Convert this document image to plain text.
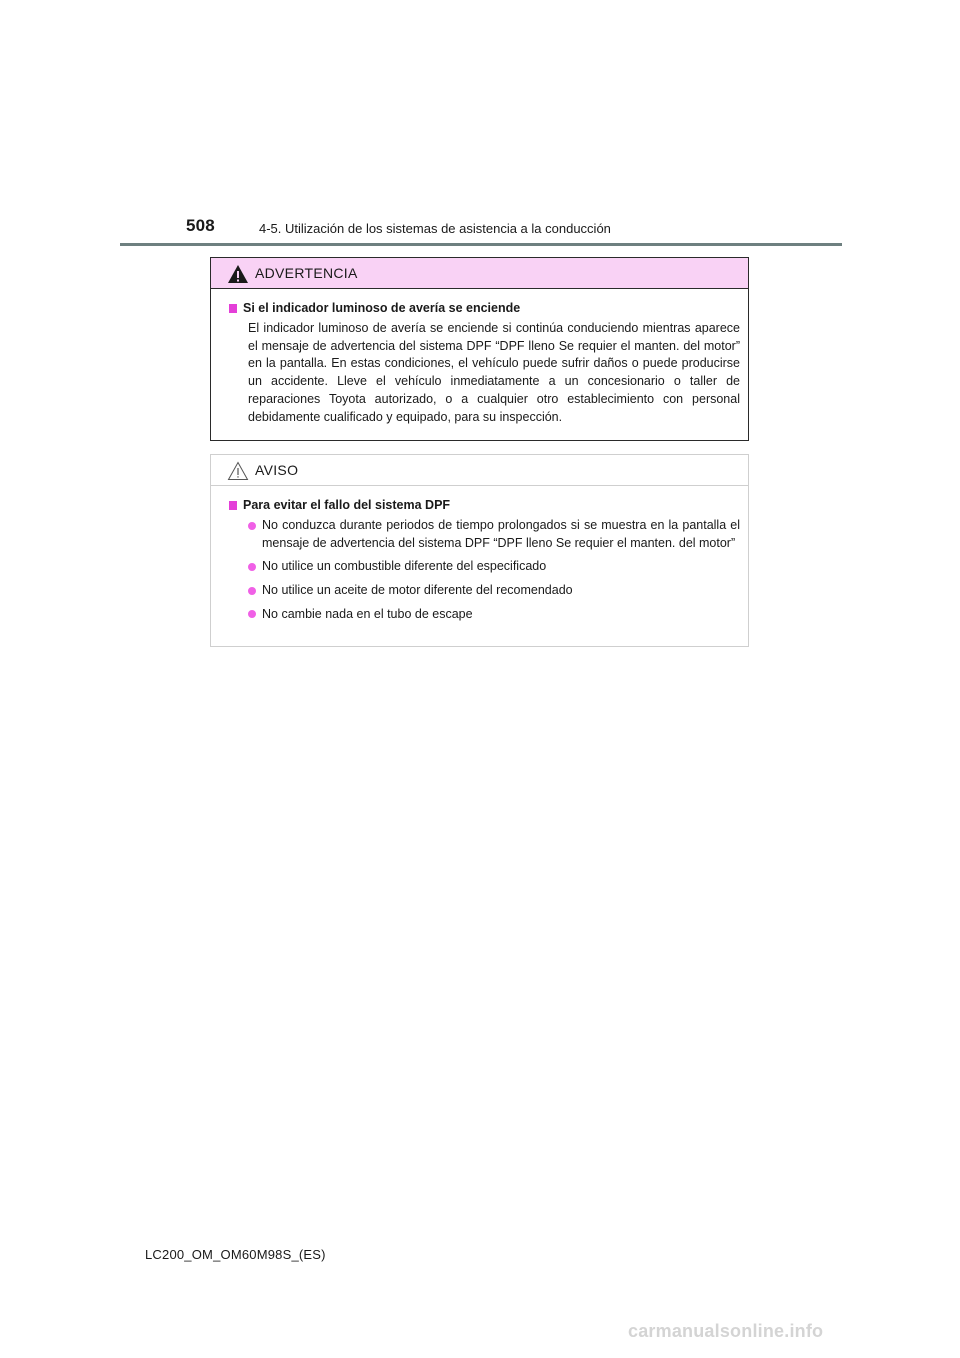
508	4-5. Utilización de los sistemas de asistencia a la conducción
ADVERTENCIA
Si el indicador luminoso de avería se enciende

El indicador luminoso de avería se enciende si continúa conduciendo mientras aparece el mensaje de advertencia del sistema DPF “DPF lleno Se requier el manten. del motor” en la pantalla. En estas condiciones, el vehículo puede sufrir daños o puede producirse un accidente. Lleve el vehículo inmediatamente a un concesionario o taller de reparaciones Toyota autorizado, o a cualquier otro establecimiento con personal debidamente cualificado y equipado, para su inspección.

AVISO
Para evitar el fallo del sistema DPF
No conduzca durante periodos de tiempo prolongados si se muestra en la pantalla el mensaje de advertencia del sistema DPF “DPF lleno Se requier el manten. del motor”
No utilice un combustible diferente del especificado
No utilice un aceite de motor diferente del recomendado
No cambie nada en el tubo de escape
LC200_OM_OM60M98S_(ES)
carmanualsonline.info
